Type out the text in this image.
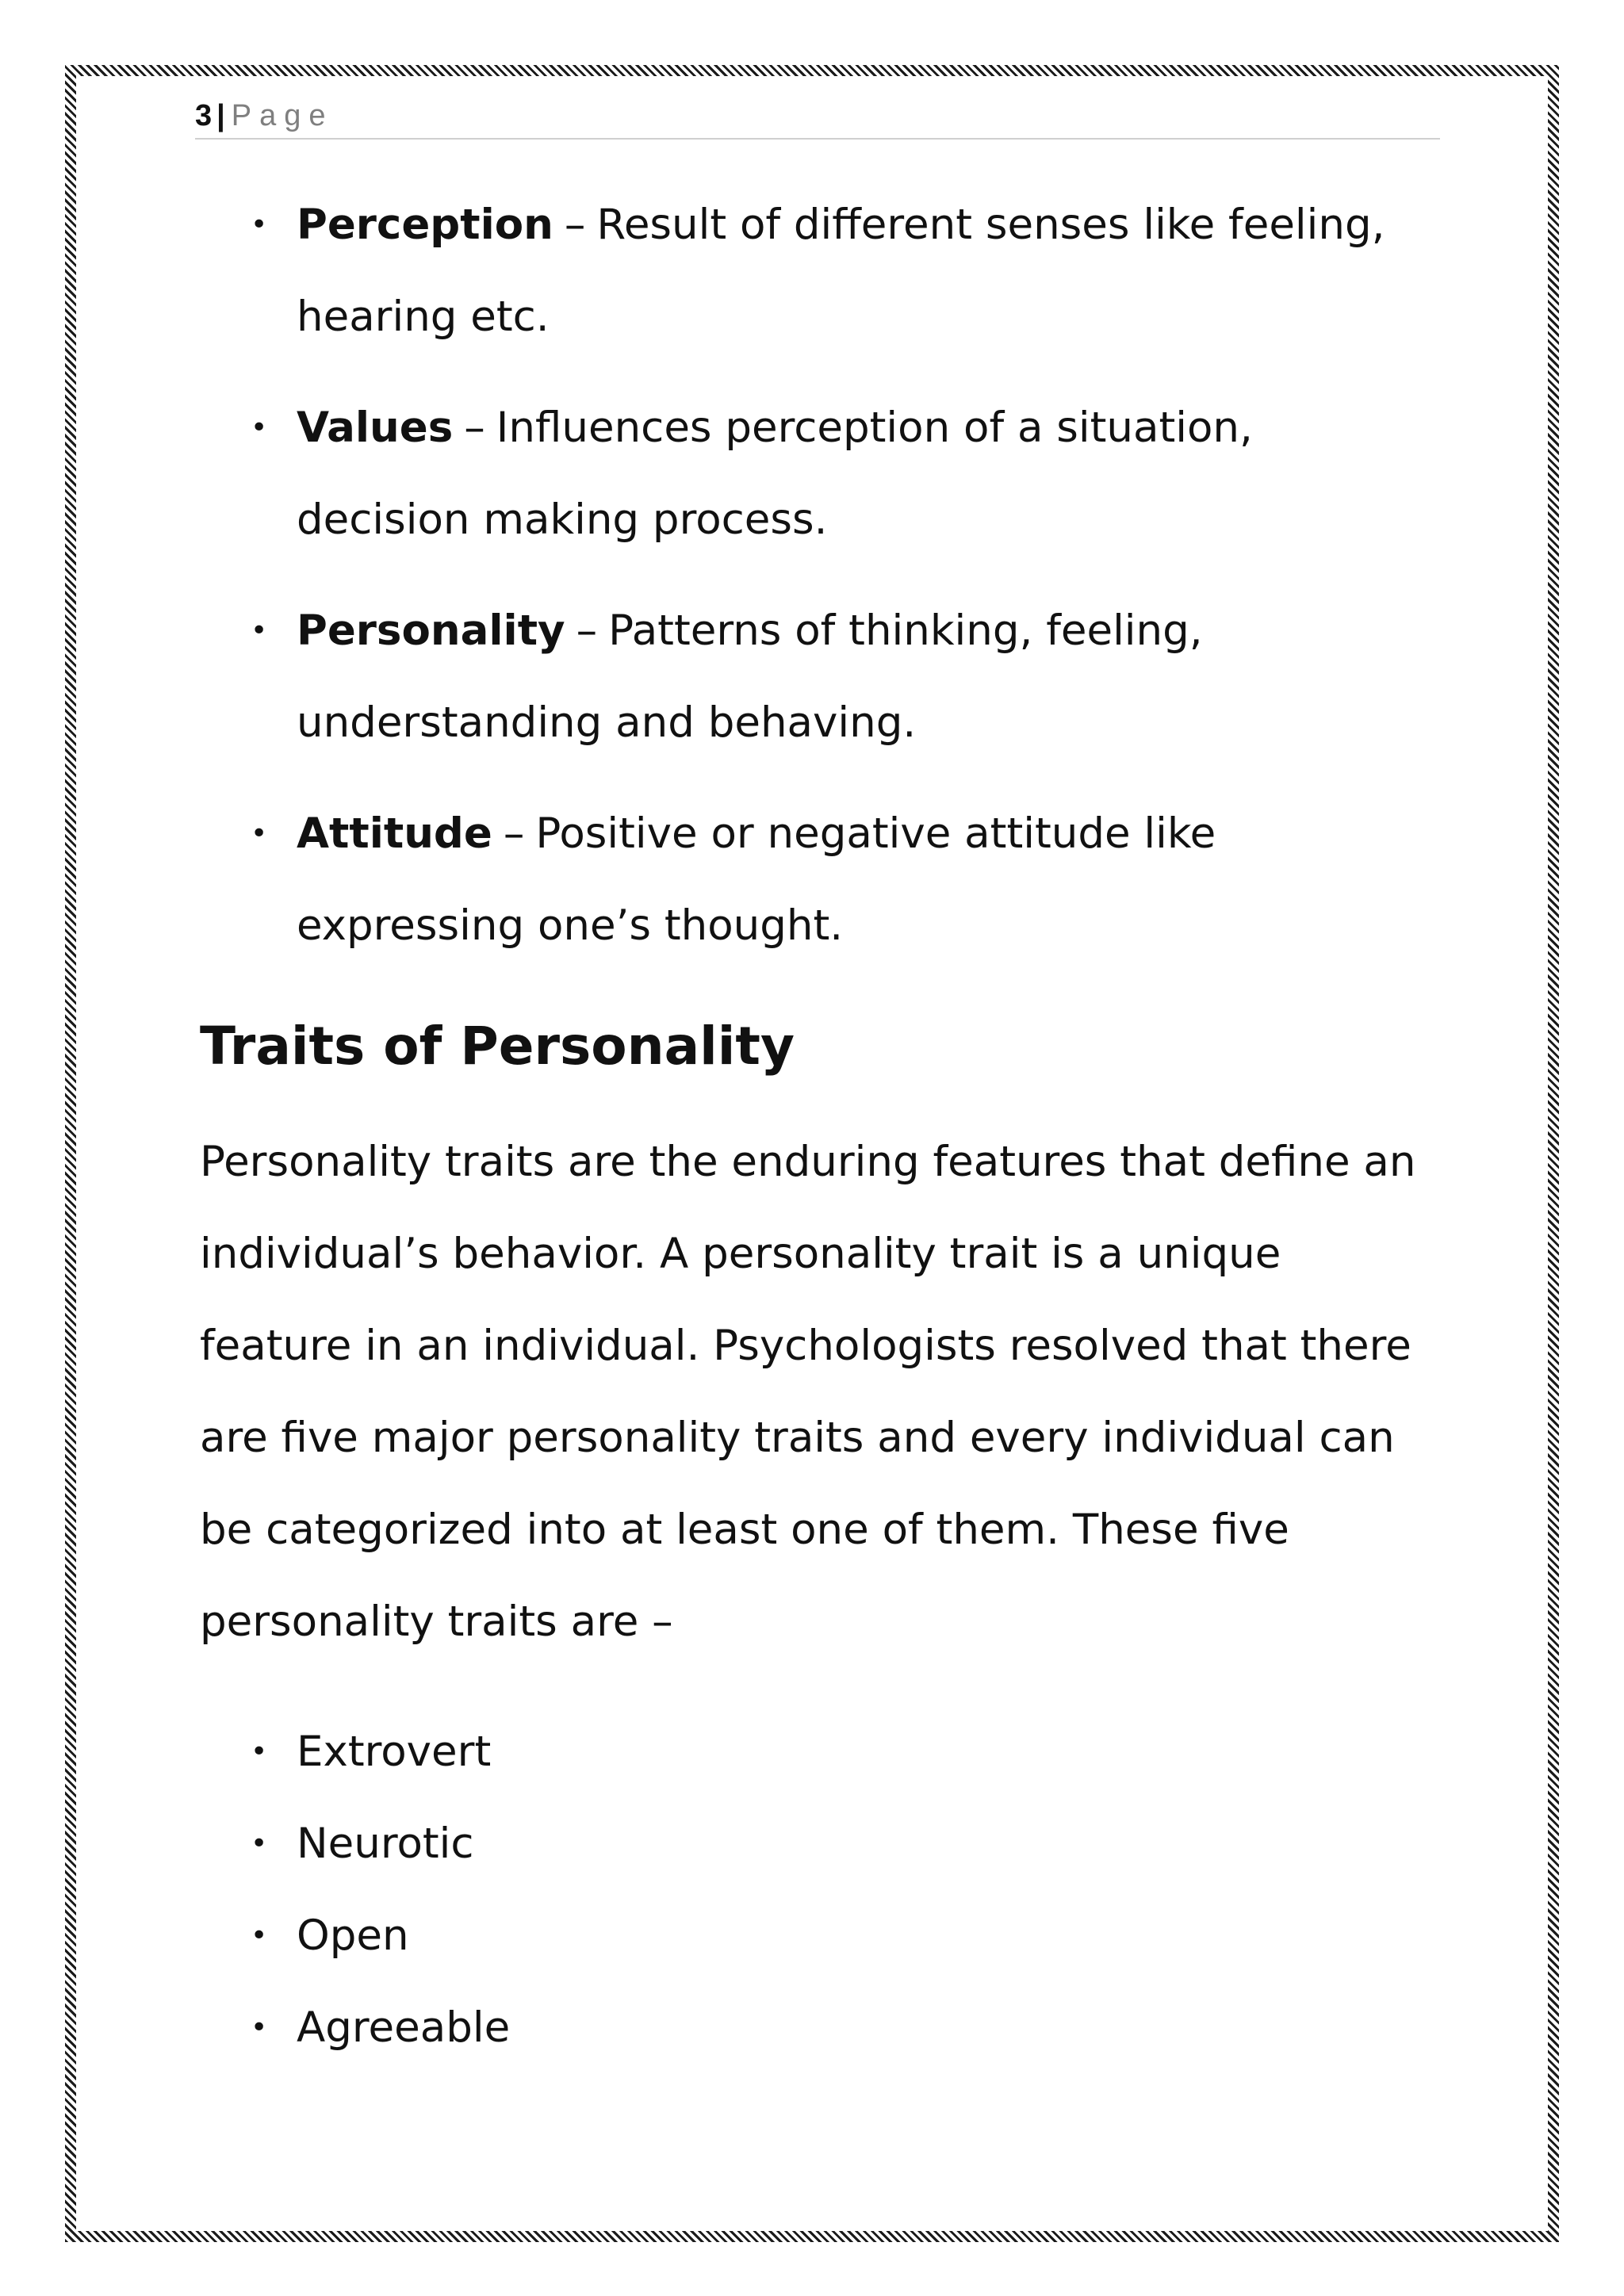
3 | Page
• Perception – Result of different senses like feeling, hearing etc.
• Values – Influences perception of a situation, decision making process.
• Personality – Patterns of thinking, feeling, understanding and behaving.
• Attitude – Positive or negative attitude like expressing one’s thought.
Traits of Personality

Personality traits are the enduring features that define an individual’s behavior. A personality trait is a unique feature in an individual. Psychologists resolved that there are five major personality traits and every individual can be categorized into at least one of them. These five personality traits are –

• Extrovert
• Neurotic
• Open
• Agreeable
